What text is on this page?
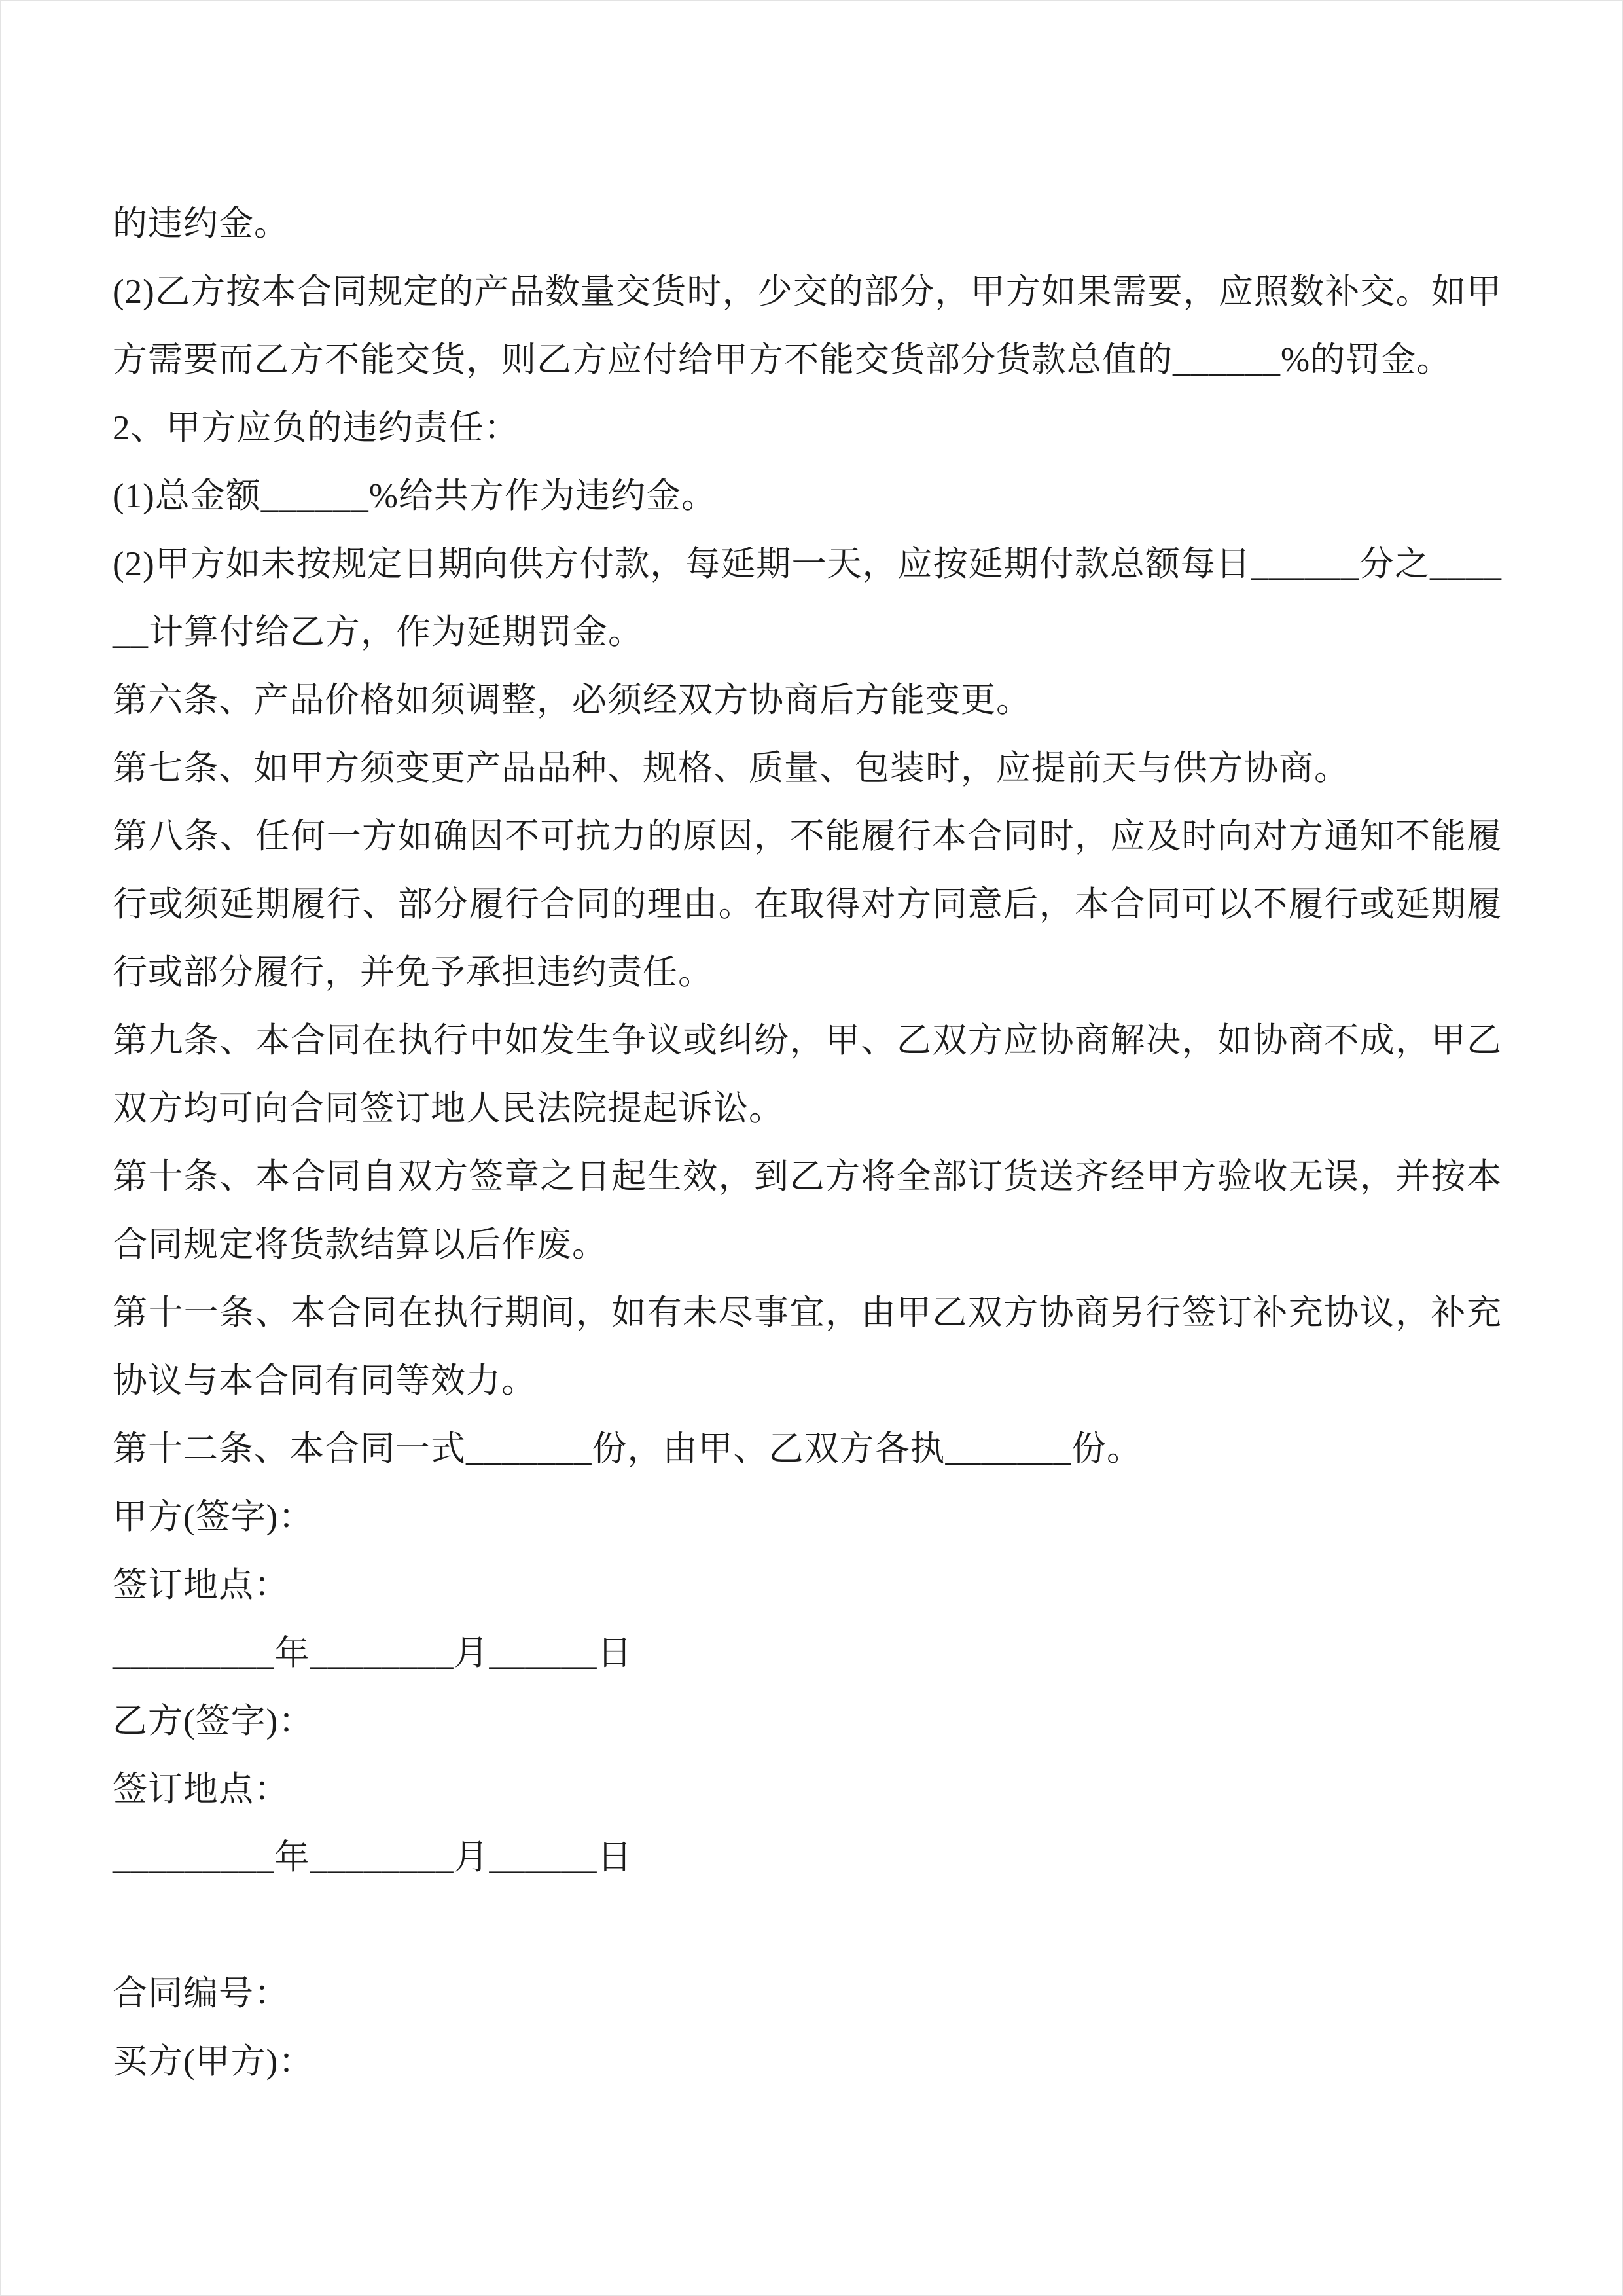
的违约金。

(2)乙方按本合同规定的产品数量交货时，少交的部分，甲方如果需要，应照数补交。如甲方需要而乙方不能交货，则乙方应付给甲方不能交货部分货款总值的______%的罚金。

2、甲方应负的违约责任：

(1)总金额______%给共方作为违约金。

(2)甲方如未按规定日期向供方付款，每延期一天，应按延期付款总额每日______分之______计算付给乙方，作为延期罚金。

第六条、产品价格如须调整，必须经双方协商后方能变更。

第七条、如甲方须变更产品品种、规格、质量、包装时，应提前天与供方协商。

第八条、任何一方如确因不可抗力的原因，不能履行本合同时，应及时向对方通知不能履行或须延期履行、部分履行合同的理由。在取得对方同意后，本合同可以不履行或延期履行或部分履行，并免予承担违约责任。

第九条、本合同在执行中如发生争议或纠纷，甲、乙双方应协商解决，如协商不成，甲乙双方均可向合同签订地人民法院提起诉讼。

第十条、本合同自双方签章之日起生效，到乙方将全部订货送齐经甲方验收无误，并按本合同规定将货款结算以后作废。

第十一条、本合同在执行期间，如有未尽事宜，由甲乙双方协商另行签订补充协议，补充协议与本合同有同等效力。

第十二条、本合同一式_______份，由甲、乙双方各执_______份。

甲方(签字)：

签订地点：

_________年________月______日

乙方(签字)：

签订地点：

_________年________月______日

合同编号：

买方(甲方)：
